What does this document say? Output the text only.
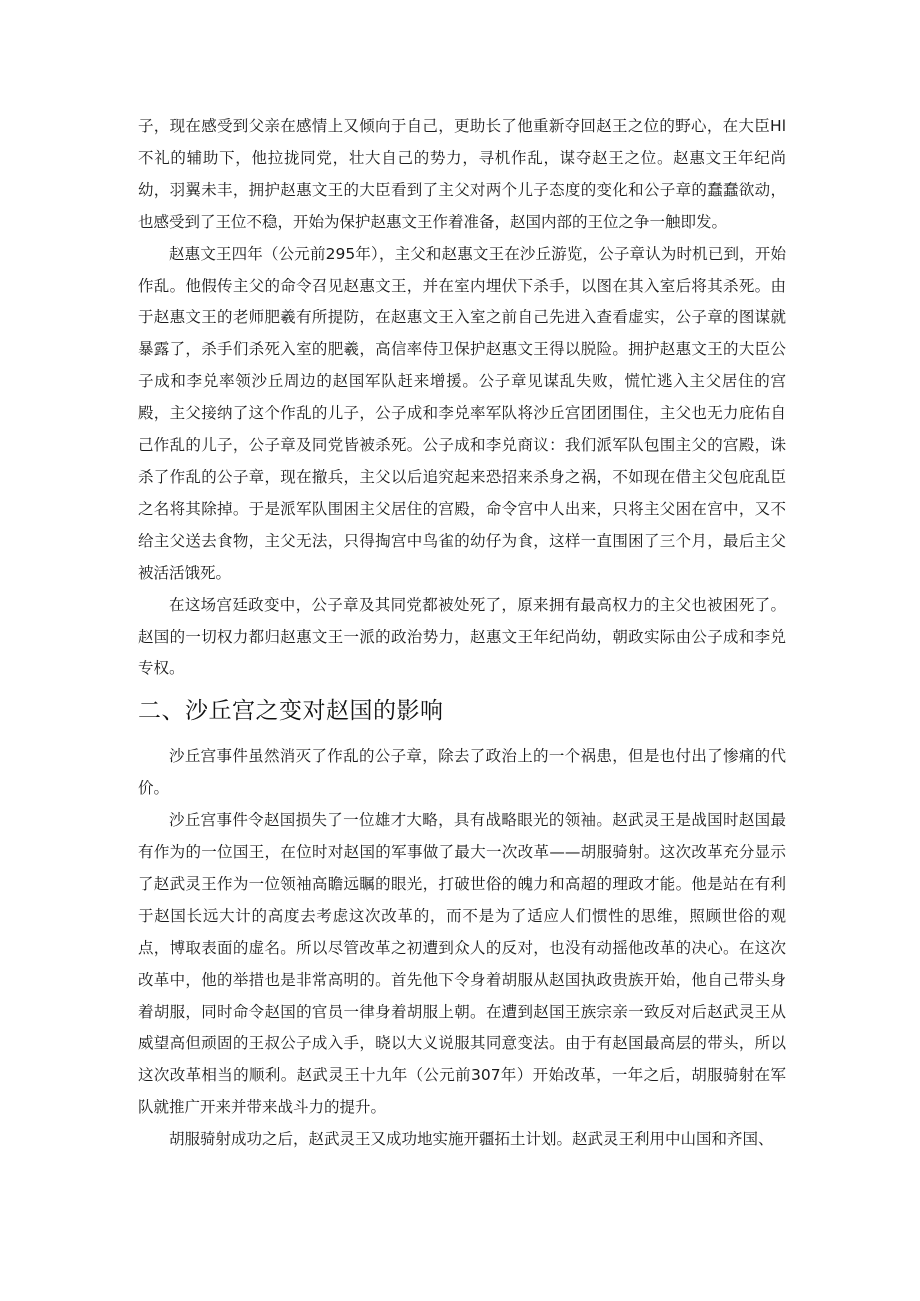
子，现在感受到父亲在感情上又倾向于自己，更助长了他重新夺回赵王之位的野心，在大臣Hl不礼的辅助下，他拉拢同党，壮大自己的势力，寻机作乱，谋夺赵王之位。赵惠文王年纪尚幼，羽翼未丰，拥护赵惠文王的大臣看到了主父对两个儿子态度的变化和公子章的蠢蠢欲动，也感受到了王位不稳，开始为保护赵惠文王作着准备，赵国内部的王位之争一触即发。

赵惠文王四年（公元前295年），主父和赵惠文王在沙丘游览，公子章认为时机已到，开始作乱。他假传主父的命令召见赵惠文王，并在室内埋伏下杀手，以图在其入室后将其杀死。由于赵惠文王的老师肥羲有所提防，在赵惠文王入室之前自己先进入查看虚实，公子章的图谋就暴露了，杀手们杀死入室的肥羲，高信率侍卫保护赵惠文王得以脱险。拥护赵惠文王的大臣公子成和李兑率领沙丘周边的赵国军队赶来增援。公子章见谋乱失败，慌忙逃入主父居住的宫殿，主父接纳了这个作乱的儿子，公子成和李兑率军队将沙丘宫团团围住，主父也无力庇佑自己作乱的儿子，公子章及同党皆被杀死。公子成和李兑商议：我们派军队包围主父的宫殿，诛杀了作乱的公子章，现在撤兵，主父以后追究起来恐招来杀身之祸，不如现在借主父包庇乱臣之名将其除掉。于是派军队围困主父居住的宫殿，命令宫中人出来，只将主父困在宫中，又不给主父送去食物，主父无法，只得掏宫中鸟雀的幼仔为食，这样一直围困了三个月，最后主父被活活饿死。

在这场宫廷政变中，公子章及其同党都被处死了，原来拥有最高权力的主父也被困死了。赵国的一切权力都归赵惠文王一派的政治势力，赵惠文王年纪尚幼，朝政实际由公子成和李兑专权。

二、沙丘宫之变对赵国的影响

沙丘宫事件虽然消灭了作乱的公子章，除去了政治上的一个祸患，但是也付出了惨痛的代价。

沙丘宫事件令赵国损失了一位雄才大略，具有战略眼光的领袖。赵武灵王是战国时赵国最有作为的一位国王，在位时对赵国的军事做了最大一次改革——胡服骑射。这次改革充分显示了赵武灵王作为一位领袖高瞻远瞩的眼光，打破世俗的魄力和高超的理政才能。他是站在有利于赵国长远大计的高度去考虑这次改革的，而不是为了适应人们惯性的思维，照顾世俗的观点，博取表面的虚名。所以尽管改革之初遭到众人的反对，也没有动摇他改革的决心。在这次改革中，他的举措也是非常高明的。首先他下令身着胡服从赵国执政贵族开始，他自己带头身着胡服，同时命令赵国的官员一律身着胡服上朝。在遭到赵国王族宗亲一致反对后赵武灵王从威望高但顽固的王叔公子成入手，晓以大义说服其同意变法。由于有赵国最高层的带头，所以这次改革相当的顺利。赵武灵王十九年（公元前307年）开始改革，一年之后，胡服骑射在军队就推广开来并带来战斗力的提升。

胡服骑射成功之后，赵武灵王又成功地实施开疆拓土计划。赵武灵王利用中山国和齐国、
